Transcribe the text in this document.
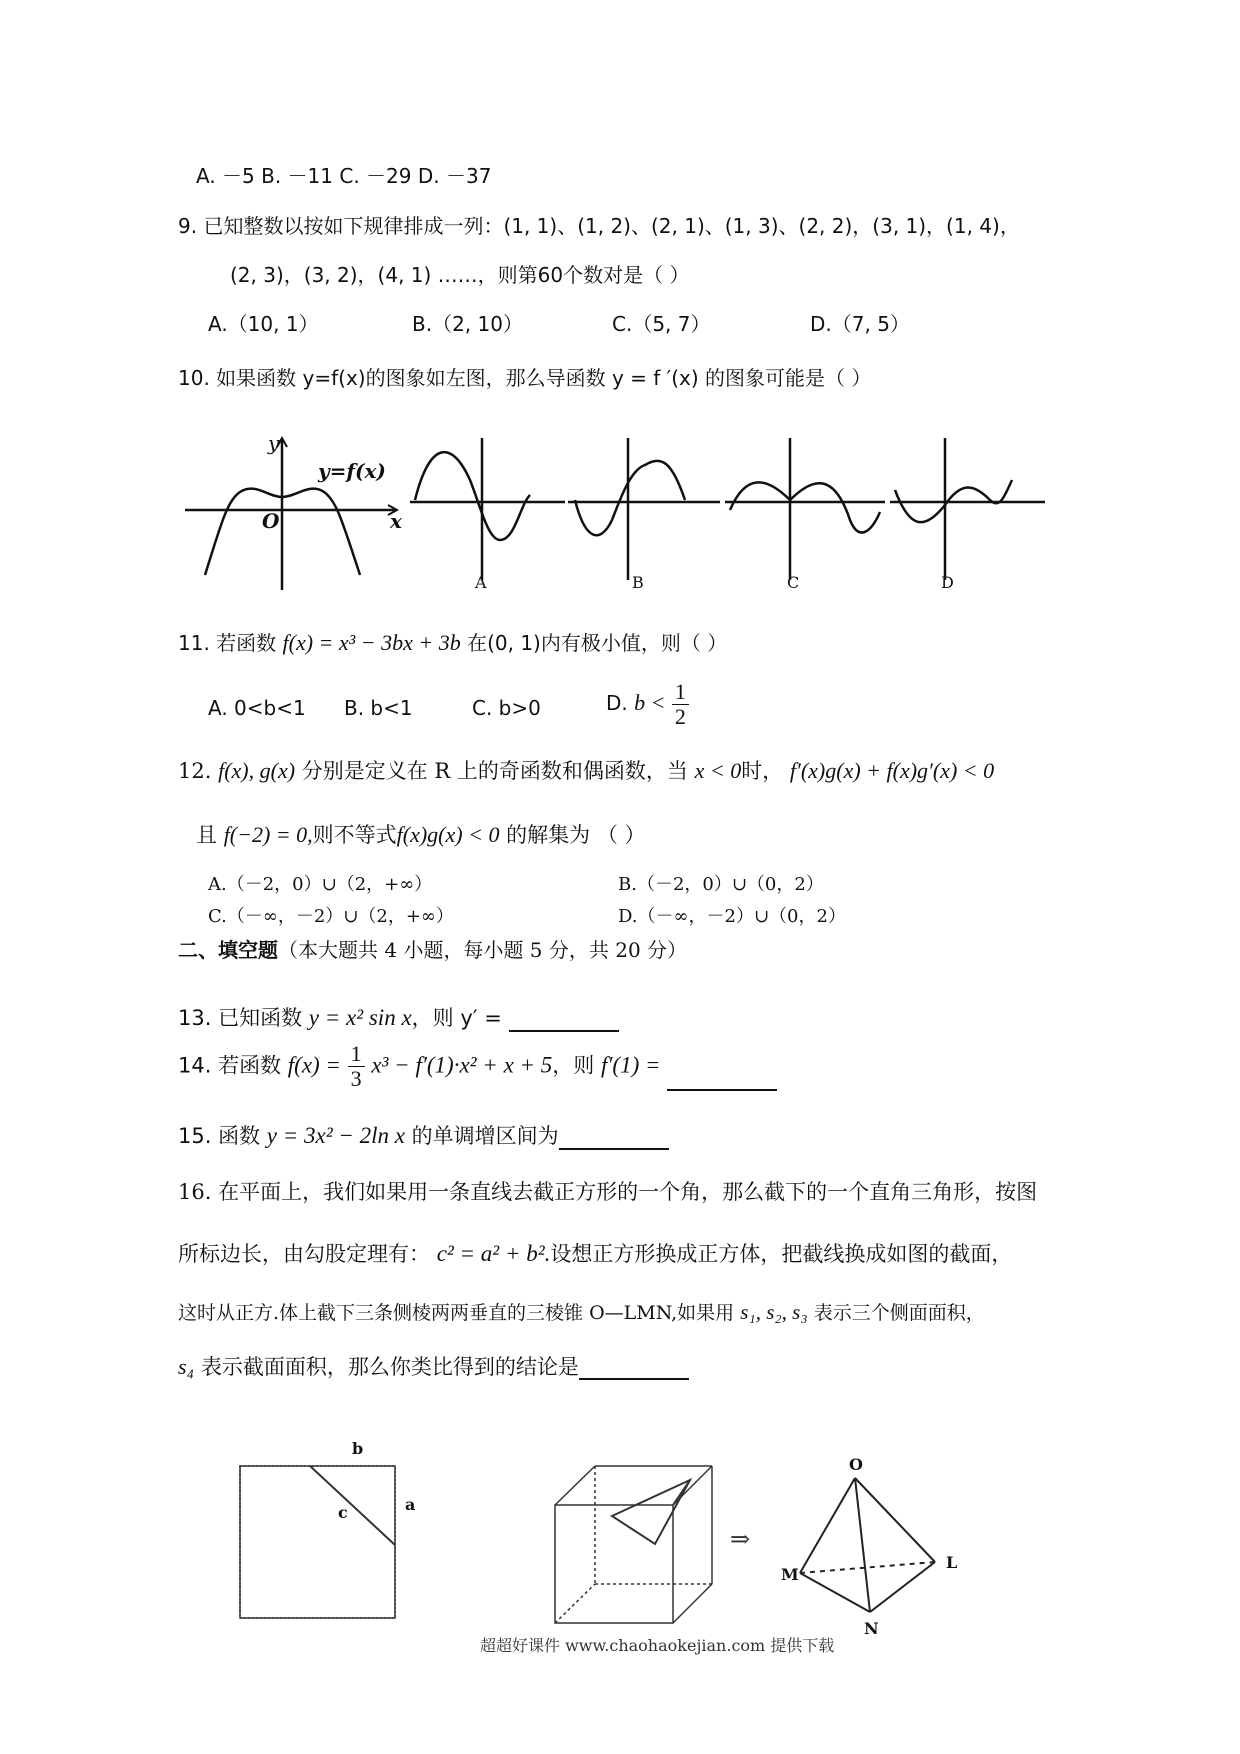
A. －5 B. －11 C. －29 D. －37
9. 已知整数以按如下规律排成一列：(1, 1)、(1, 2)、(2, 1)、(1, 3)、(2, 2)，(3, 1)，(1, 4)，
(2, 3)，(3, 2)，(4, 1) ……，则第60个数对是（ ）
A.（10, 1）	B.（2, 10）	C.（5, 7）	D.（7, 5）
10. 如果函数 y=f(x)的图象如左图，那么导函数 y = f ′(x) 的图象可能是（ ）
y
y=f(x)
O	x
A	B	C	D
11. 若函数 f(x) = x³ − 3bx + 3b 在(0, 1)内有极小值，则（ ）
A. 0<b<1 B. b<1	C. b>0	D. $b < \frac{1}{2}$
12. f(x), g(x) 分别是定义在 R 上的奇函数和偶函数，当 x < 0时， f′(x)g(x) + f(x)g′(x) < 0
且 f(−2) = 0,则不等式f(x)g(x) < 0 的解集为 （ ）
A.（－2，0）∪（2，+∞）	B.（－2，0）∪（0，2）
C.（－∞，－2）∪（2，+∞）	D.（－∞，－2）∪（0，2）
二、填空题（本大题共 4 小题，每小题 5 分，共 20 分）
13. 已知函数 y = x² sin x，则 y′ =
14. 若函数 $f(x) = \frac{1}{3} x^3 - f'(1)\cdot x^2 + x + 5$，则 f′(1) =
15. 函数 y = 3x² − 2ln x 的单调增区间为
16. 在平面上，我们如果用一条直线去截正方形的一个角，那么截下的一个直角三角形，按图
所标边长，由勾股定理有： c² = a² + b².设想正方形换成正方体，把截线换成如图的截面，
这时从正方.体上截下三条侧棱两两垂直的三棱锥 O—LMN,如果用 s₁, s₂, s₃ 表示三个侧面面积，
s₄ 表示截面面积，那么你类比得到的结论是
⇒
b
a
c
O
L
M
N
超超好课件 www.chaohaokejian.com 提供下载
